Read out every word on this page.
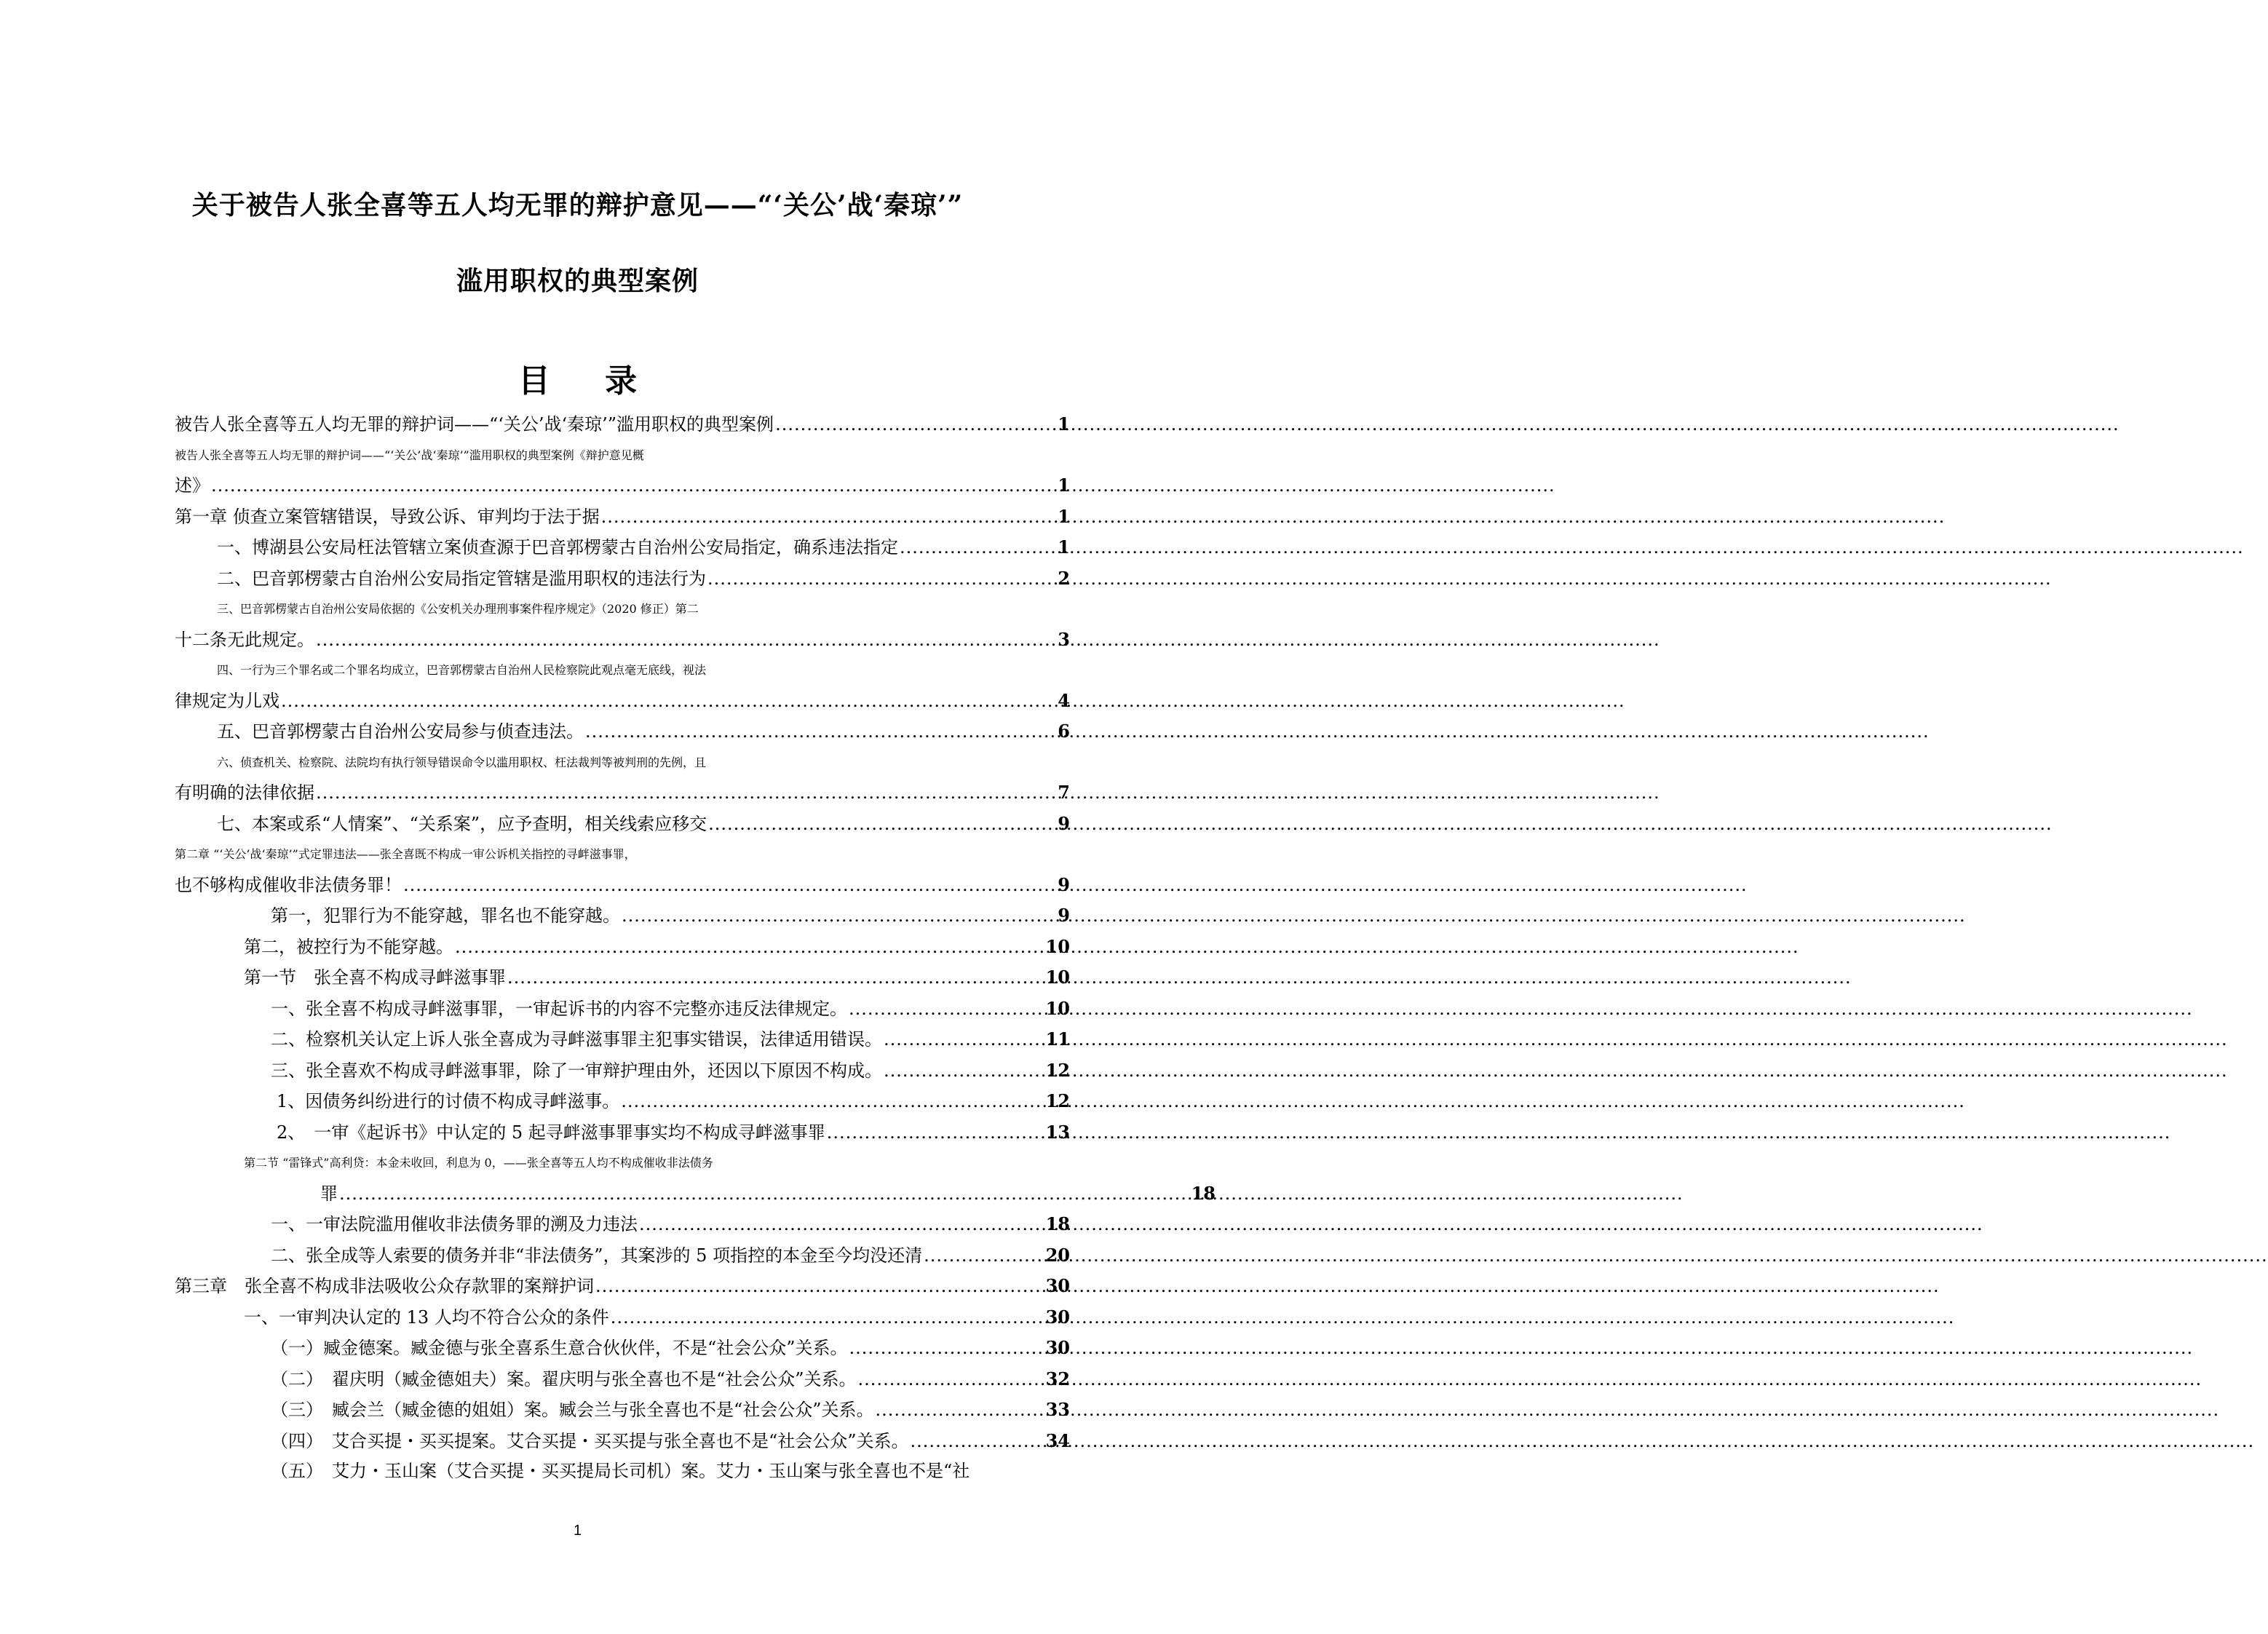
关于被告人张全喜等五人均无罪的辩护意见——“‘关公’战‘秦琼’”
滥用职权的典型案例
目 录
被告人张全喜等五人均无罪的辩护词——“‘关公’战‘秦琼’”滥用职权的典型案例 .....	1
被告人张全喜等五人均无罪的辩护词——“‘关公’战‘秦琼’”滥用职权的典型案例《辩护意见概
述》 .....	1
第一章 侦查立案管辖错误，导致公诉、审判均于法于据 .....	1
一、博湖县公安局枉法管辖立案侦查源于巴音郭楞蒙古自治州公安局指定，确系违法指定 .....	1
二、巴音郭楞蒙古自治州公安局指定管辖是滥用职权的违法行为 .....	2
三、巴音郭楞蒙古自治州公安局依据的《公安机关办理刑事案件程序规定》（2020 修正）第二
十二条无此规定。 .....	3
四、一行为三个罪名或二个罪名均成立，巴音郭楞蒙古自治州人民检察院此观点毫无底线，视法
律规定为儿戏 .....	4
五、巴音郭楞蒙古自治州公安局参与侦查违法。 .....	6
六、侦查机关、检察院、法院均有执行领导错误命令以滥用职权、枉法裁判等被判刑的先例，且
有明确的法律依据 .....	7
七、本案或系“人情案”、“关系案”，应予查明，相关线索应移交 .....	9
第二章 “‘关公’战‘秦琼’”式定罪违法——张全喜既不构成一审公诉机关指控的寻衅滋事罪，
也不够构成催收非法债务罪！ .....	9
第一，犯罪行为不能穿越，罪名也不能穿越。 .....	9
第二，被控行为不能穿越。 .....	10
第一节　张全喜不构成寻衅滋事罪 .....	10
一、张全喜不构成寻衅滋事罪，一审起诉书的内容不完整亦违反法律规定。 .....	10
二、检察机关认定上诉人张全喜成为寻衅滋事罪主犯事实错误，法律适用错误。 .....	11
三、张全喜欢不构成寻衅滋事罪，除了一审辩护理由外，还因以下原因不构成。 .....	12
1、因债务纠纷进行的讨债不构成寻衅滋事。 .....	12
2、　一审《起诉书》中认定的 5 起寻衅滋事罪事实均不构成寻衅滋事罪 .....	13
第二节 “雷锋式”高利贷：本金未收回，利息为 0，——张全喜等五人均不构成催收非法债务
罪 .....	18
一、一审法院滥用催收非法债务罪的溯及力违法 .....	18
二、张全成等人索要的债务并非“非法债务”，其案涉的 5 项指控的本金至今均没还清 .....	20
第三章　张全喜不构成非法吸收公众存款罪的案辩护词 .....	30
一、一审判决认定的 13 人均不符合公众的条件 .....	30
（一）臧金德案。臧金德与张全喜系生意合伙伙伴，不是“社会公众”关系。 .....	30
（二）　翟庆明（臧金德姐夫）案。翟庆明与张全喜也不是“社会公众”关系。 .....	32
（三）　臧会兰（臧金德的姐姐）案。臧会兰与张全喜也不是“社会公众”关系。 .....	33
（四）　艾合买提・买买提案。艾合买提・买买提与张全喜也不是“社会公众”关系。 .....	34
（五）　艾力・玉山案（艾合买提・买买提局长司机）案。艾力・玉山案与张全喜也不是“社
1
